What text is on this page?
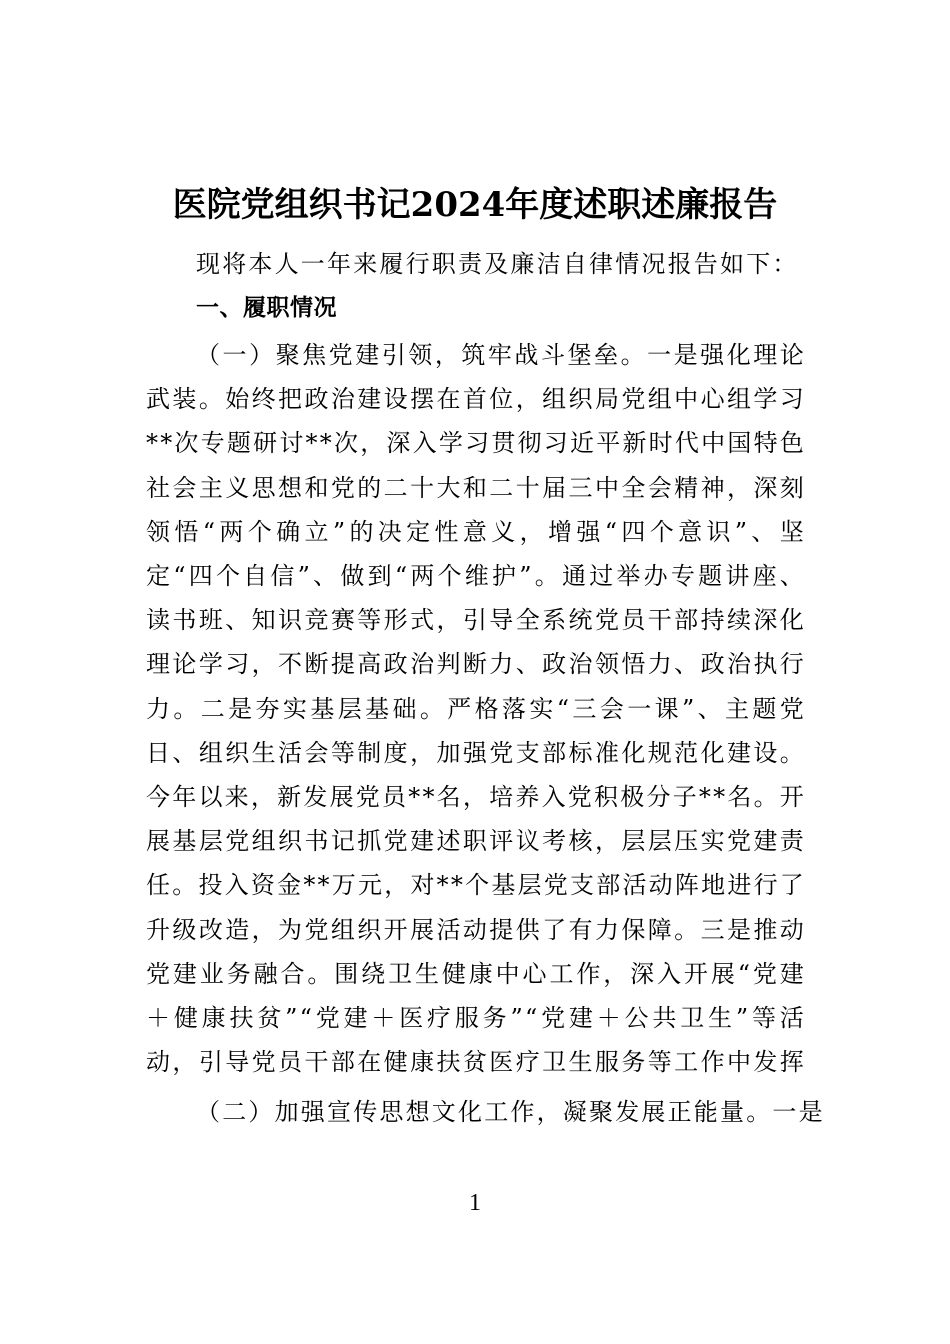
医院党组织书记2024年度述职述廉报告
现将本人一年来履行职责及廉洁自律情况报告如下：
一、履职情况
（一）聚焦党建引领，筑牢战斗堡垒。一是强化理论武装。始终把政治建设摆在首位，组织局党组中心组学习**次专题研讨**次，深入学习贯彻习近平新时代中国特色社会主义思想和党的二十大和二十届三中全会精神，深刻领悟“两个确立”的决定性意义，增强“四个意识”、坚定“四个自信”、做到“两个维护”。通过举办专题讲座、读书班、知识竞赛等形式，引导全系统党员干部持续深化理论学习，不断提高政治判断力、政治领悟力、政治执行力。二是夯实基层基础。严格落实“三会一课”、主题党日、组织生活会等制度，加强党支部标准化规范化建设。今年以来，新发展党员**名，培养入党积极分子**名。开展基层党组织书记抓党建述职评议考核，层层压实党建责任。投入资金**万元，对**个基层党支部活动阵地进行了升级改造，为党组织开展活动提供了有力保障。三是推动党建业务融合。围绕卫生健康中心工作，深入开展“党建＋健康扶贫”“党建＋医疗服务”“党建＋公共卫生”等活动，引导党员干部在健康扶贫医疗卫生服务等工作中发挥
（二）加强宣传思想文化工作，凝聚发展正能量。一是
1
